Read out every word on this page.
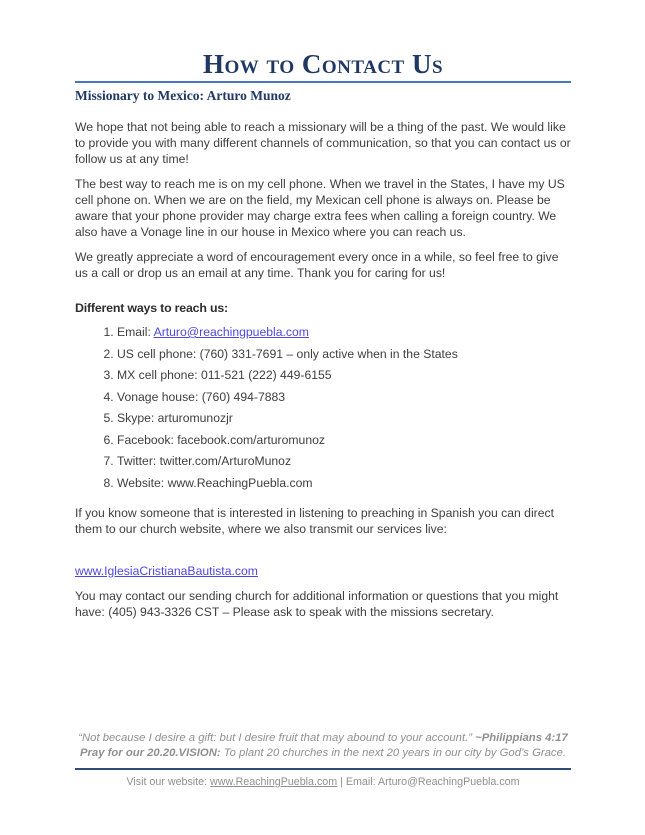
How to Contact Us
Missionary to Mexico: Arturo Munoz

We hope that not being able to reach a missionary will be a thing of the past. We would like to provide you with many different channels of communication, so that you can contact us or follow us at any time!

The best way to reach me is on my cell phone. When we travel in the States, I have my US cell phone on. When we are on the field, my Mexican cell phone is always on. Please be aware that your phone provider may charge extra fees when calling a foreign country. We also have a Vonage line in our house in Mexico where you can reach us.

We greatly appreciate a word of encouragement every once in a while, so feel free to give us a call or drop us an email at any time. Thank you for caring for us!

Different ways to reach us:
1. Email: Arturo@reachingpuebla.com
2. US cell phone: (760) 331-7691 – only active when in the States
3. MX cell phone: 011-521 (222) 449-6155
4. Vonage house: (760) 494-7883
5. Skype: arturomunozjr
6. Facebook: facebook.com/arturomunoz
7. Twitter: twitter.com/ArturoMunoz
8. Website: www.ReachingPuebla.com

If you know someone that is interested in listening to preaching in Spanish you can direct them to our church website, where we also transmit our services live:

www.IglesiaCristianaBautista.com

You may contact our sending church for additional information or questions that you might have: (405) 943-3326 CST – Please ask to speak with the missions secretary.

“Not because I desire a gift: but I desire fruit that may abound to your account.” ~Philippians 4:17
Pray for our 20.20.VISION: To plant 20 churches in the next 20 years in our city by God’s Grace.
Visit our website: www.ReachingPuebla.com | Email: Arturo@ReachingPuebla.com
